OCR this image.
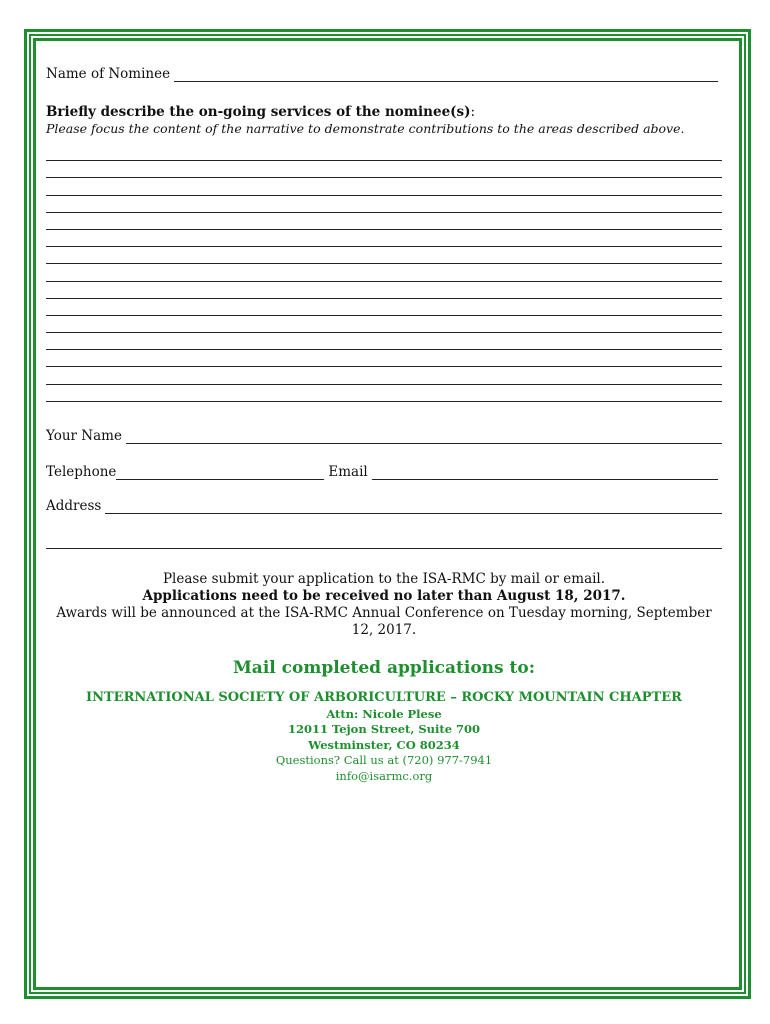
Name of Nominee
Briefly describe the on-going services of the nominee(s):
Please focus the content of the narrative to demonstrate contributions to the areas described above.
Your Name
Telephone	Email
Address
Please submit your application to the ISA-RMC by mail or email.
Applications need to be received no later than August 18, 2017.
Awards will be announced at the ISA-RMC Annual Conference on Tuesday morning, September 12, 2017.
Mail completed applications to:
INTERNATIONAL SOCIETY OF ARBORICULTURE – ROCKY MOUNTAIN CHAPTER
Attn: Nicole Plese
12011 Tejon Street, Suite 700
Westminster, CO 80234
Questions? Call us at (720) 977-7941
info@isarmc.org
